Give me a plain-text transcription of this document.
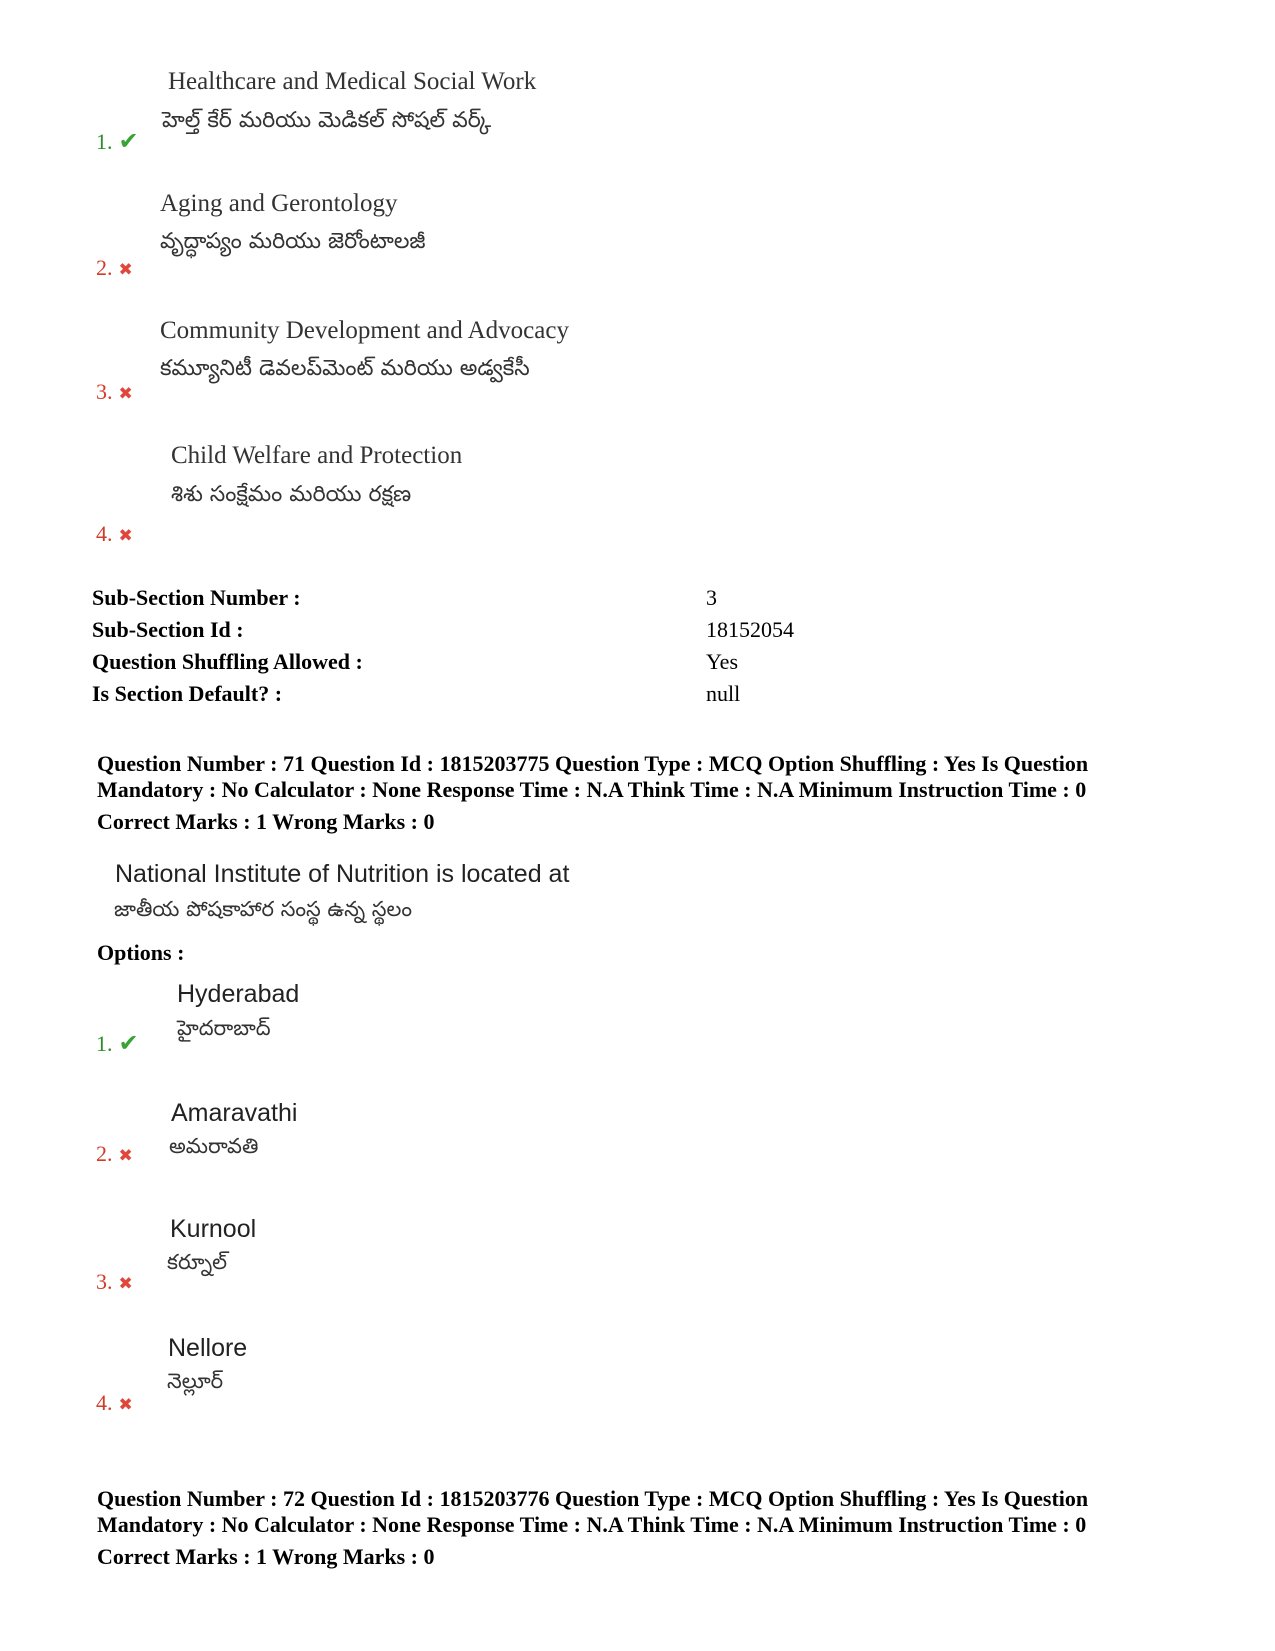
Healthcare and Medical Social Work
హెల్త్ కేర్ మరియు మెడికల్ సోషల్ వర్క్
1. ✔
Aging and Gerontology
వృద్ధాప్యం మరియు జెరోంటాలజీ
2. ✖
Community Development and Advocacy
కమ్యూనిటీ డెవలప్‌మెంట్ మరియు అడ్వకేసీ
3. ✖
Child Welfare and Protection
శిశు సంక్షేమం మరియు రక్షణ
4. ✖
Sub-Section Number :	3
Sub-Section Id :	18152054
Question Shuffling Allowed :	Yes
Is Section Default? :	null
Question Number : 71 Question Id : 1815203775 Question Type : MCQ Option Shuffling : Yes Is Question
Mandatory : No Calculator : None Response Time : N.A Think Time : N.A Minimum Instruction Time : 0
Correct Marks : 1 Wrong Marks : 0
National Institute of Nutrition is located at
జాతీయ పోషకాహార సంస్థ ఉన్న స్థలం
Options :
Hyderabad
హైదరాబాద్
1. ✔
Amaravathi
అమరావతి
2. ✖
Kurnool
కర్నూల్
3. ✖
Nellore
నెల్లూర్
4. ✖
Question Number : 72 Question Id : 1815203776 Question Type : MCQ Option Shuffling : Yes Is Question
Mandatory : No Calculator : None Response Time : N.A Think Time : N.A Minimum Instruction Time : 0
Correct Marks : 1 Wrong Marks : 0
